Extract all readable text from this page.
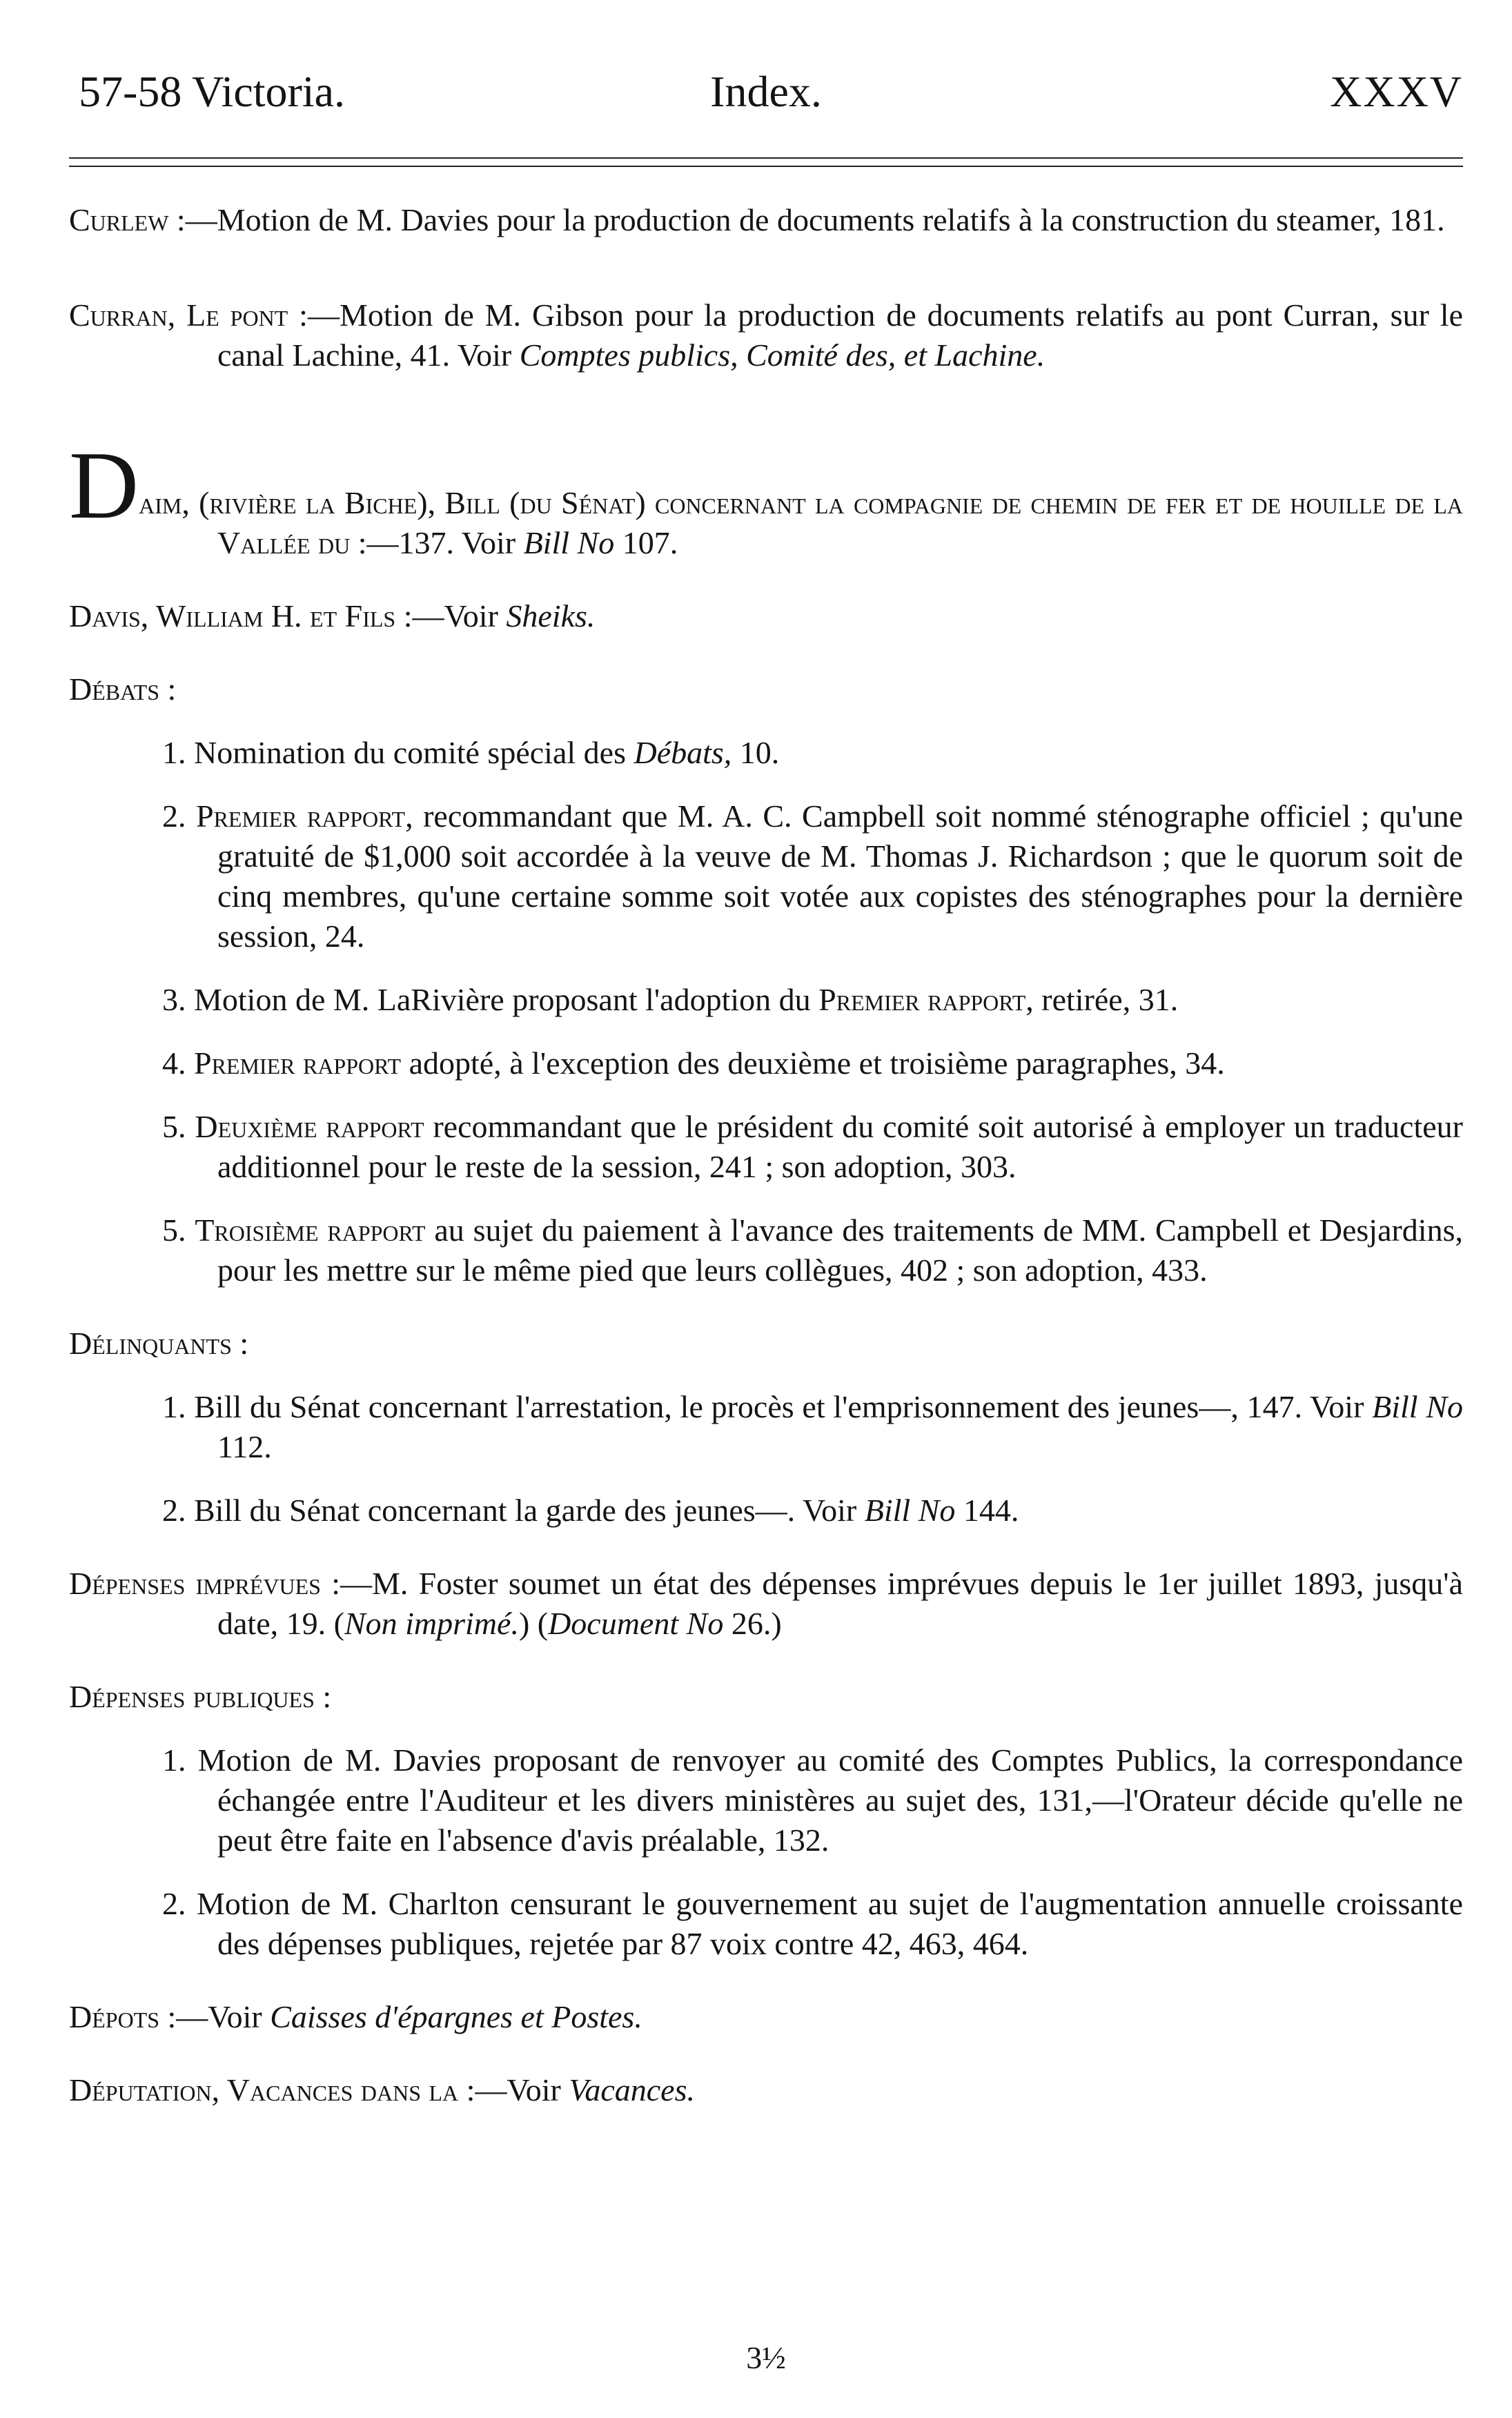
57-58 Victoria.	Index.	XXXV

Curlew :—Motion de M. Davies pour la production de documents relatifs à la construction du steamer, 181.

Curran, Le pont :—Motion de M. Gibson pour la production de documents relatifs au pont Curran, sur le canal Lachine, 41. Voir Comptes publics, Comité des, et Lachine.

Daim, (rivière la Biche), Bill (du Sénat) concernant la compagnie de chemin de fer et de houille de la Vallée du :—137. Voir Bill No 107.

Davis, William H. et Fils :—Voir Sheiks.

Débats :

1. Nomination du comité spécial des Débats, 10.

2. Premier rapport, recommandant que M. A. C. Campbell soit nommé sténographe officiel ; qu'une gratuité de $1,000 soit accordée à la veuve de M. Thomas J. Richardson ; que le quorum soit de cinq membres, qu'une certaine somme soit votée aux copistes des sténographes pour la dernière session, 24.

3. Motion de M. LaRivière proposant l'adoption du Premier rapport, retirée, 31.

4. Premier rapport adopté, à l'exception des deuxième et troisième paragraphes, 34.

5. Deuxième rapport recommandant que le président du comité soit autorisé à employer un traducteur additionnel pour le reste de la session, 241 ; son adoption, 303.

5. Troisième rapport au sujet du paiement à l'avance des traitements de MM. Campbell et Desjardins, pour les mettre sur le même pied que leurs collègues, 402 ; son adoption, 433.

Délinquants :

1. Bill du Sénat concernant l'arrestation, le procès et l'emprisonnement des jeunes—, 147. Voir Bill No 112.

2. Bill du Sénat concernant la garde des jeunes—. Voir Bill No 144.

Dépenses imprévues :—M. Foster soumet un état des dépenses imprévues depuis le 1er juillet 1893, jusqu'à date, 19. (Non imprimé.) (Document No 26.)

Dépenses publiques :

1. Motion de M. Davies proposant de renvoyer au comité des Comptes Publics, la correspondance échangée entre l'Auditeur et les divers ministères au sujet des, 131,—l'Orateur décide qu'elle ne peut être faite en l'absence d'avis préalable, 132.

2. Motion de M. Charlton censurant le gouvernement au sujet de l'augmentation annuelle croissante des dépenses publiques, rejetée par 87 voix contre 42, 463, 464.

Dépots :—Voir Caisses d'épargnes et Postes.

Députation, Vacances dans la :—Voir Vacances.

3½
